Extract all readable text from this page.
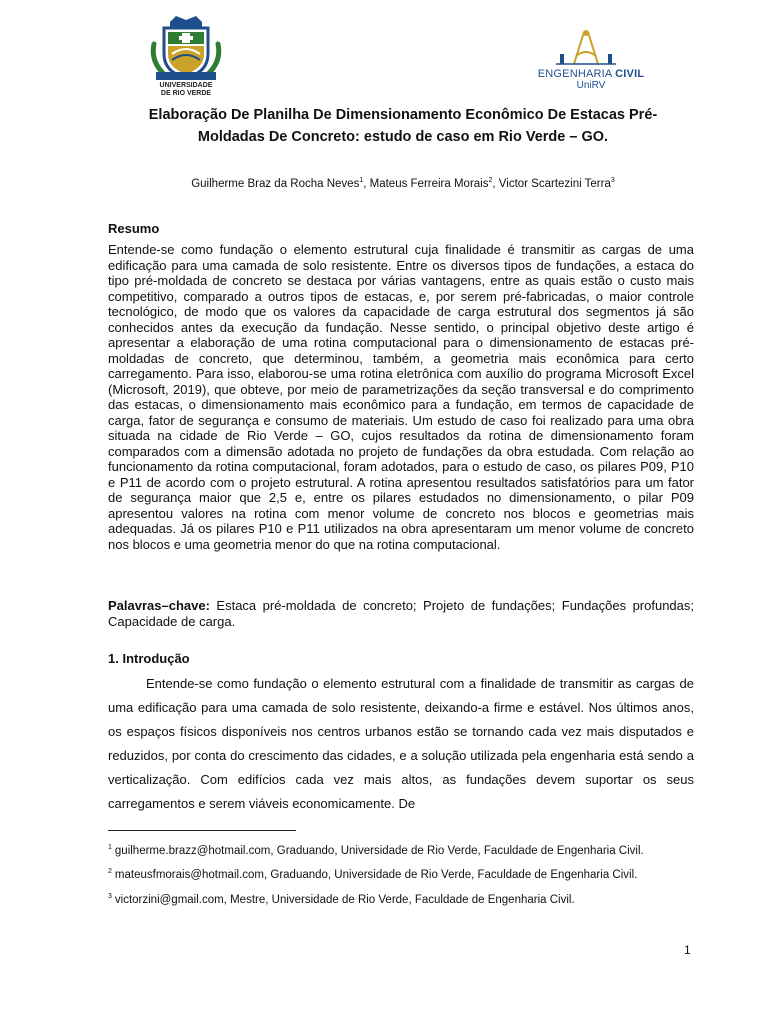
UNIVERSIDADE
DE RIO VERDE
ENGENHARIA CIVIL
UniRV
Elaboração De Planilha De Dimensionamento Econômico De Estacas Pré-
Moldadas De Concreto: estudo de caso em Rio Verde – GO.
Guilherme Braz da Rocha Neves$^1$, Mateus Ferreira Morais$^2$, Victor Scartezini Terra$^3$
Resumo
Entende-se como fundação o elemento estrutural cuja finalidade é transmitir as cargas de uma edificação para uma camada de solo resistente. Entre os diversos tipos de fundações, a estaca do tipo pré-moldada de concreto se destaca por várias vantagens, entre as quais estão o custo mais competitivo, comparado a outros tipos de estacas, e, por serem pré-fabricadas, o maior controle tecnológico, de modo que os valores da capacidade de carga estrutural dos segmentos já são conhecidos antes da execução da fundação. Nesse sentido, o principal objetivo deste artigo é apresentar a elaboração de uma rotina computacional para o dimensionamento de estacas pré-moldadas de concreto, que determinou, também, a geometria mais econômica para certo carregamento. Para isso, elaborou-se uma rotina eletrônica com auxílio do programa Microsoft Excel (Microsoft, 2019), que obteve, por meio de parametrizações da seção transversal e do comprimento das estacas, o dimensionamento mais econômico para a fundação, em termos de capacidade de carga, fator de segurança e consumo de materiais. Um estudo de caso foi realizado para uma obra situada na cidade de Rio Verde – GO, cujos resultados da rotina de dimensionamento foram comparados com a dimensão adotada no projeto de fundações da obra estudada. Com relação ao funcionamento da rotina computacional, foram adotados, para o estudo de caso, os pilares P09, P10 e P11 de acordo com o projeto estrutural. A rotina apresentou resultados satisfatórios para um fator de segurança maior que 2,5 e, entre os pilares estudados no dimensionamento, o pilar P09 apresentou valores na rotina com menor volume de concreto nos blocos e geometrias mais adequadas. Já os pilares P10 e P11 utilizados na obra apresentaram um menor volume de concreto nos blocos e uma geometria menor do que na rotina computacional.
Palavras–chave: Estaca pré-moldada de concreto; Projeto de fundações; Fundações profundas; Capacidade de carga.
1. Introdução
Entende-se como fundação o elemento estrutural com a finalidade de transmitir as cargas de uma edificação para uma camada de solo resistente, deixando-a firme e estável. Nos últimos anos, os espaços físicos disponíveis nos centros urbanos estão se tornando cada vez mais disputados e reduzidos, por conta do crescimento das cidades, e a solução utilizada pela engenharia está sendo a verticalização. Com edifícios cada vez mais altos, as fundações devem suportar os seus carregamentos e serem viáveis economicamente. De

$^1$ guilherme.brazz@hotmail.com, Graduando, Universidade de Rio Verde, Faculdade de Engenharia Civil.

$^2$ mateusfmorais@hotmail.com, Graduando, Universidade de Rio Verde, Faculdade de Engenharia Civil.

$^3$ victorzini@gmail.com, Mestre, Universidade de Rio Verde, Faculdade de Engenharia Civil.

1
